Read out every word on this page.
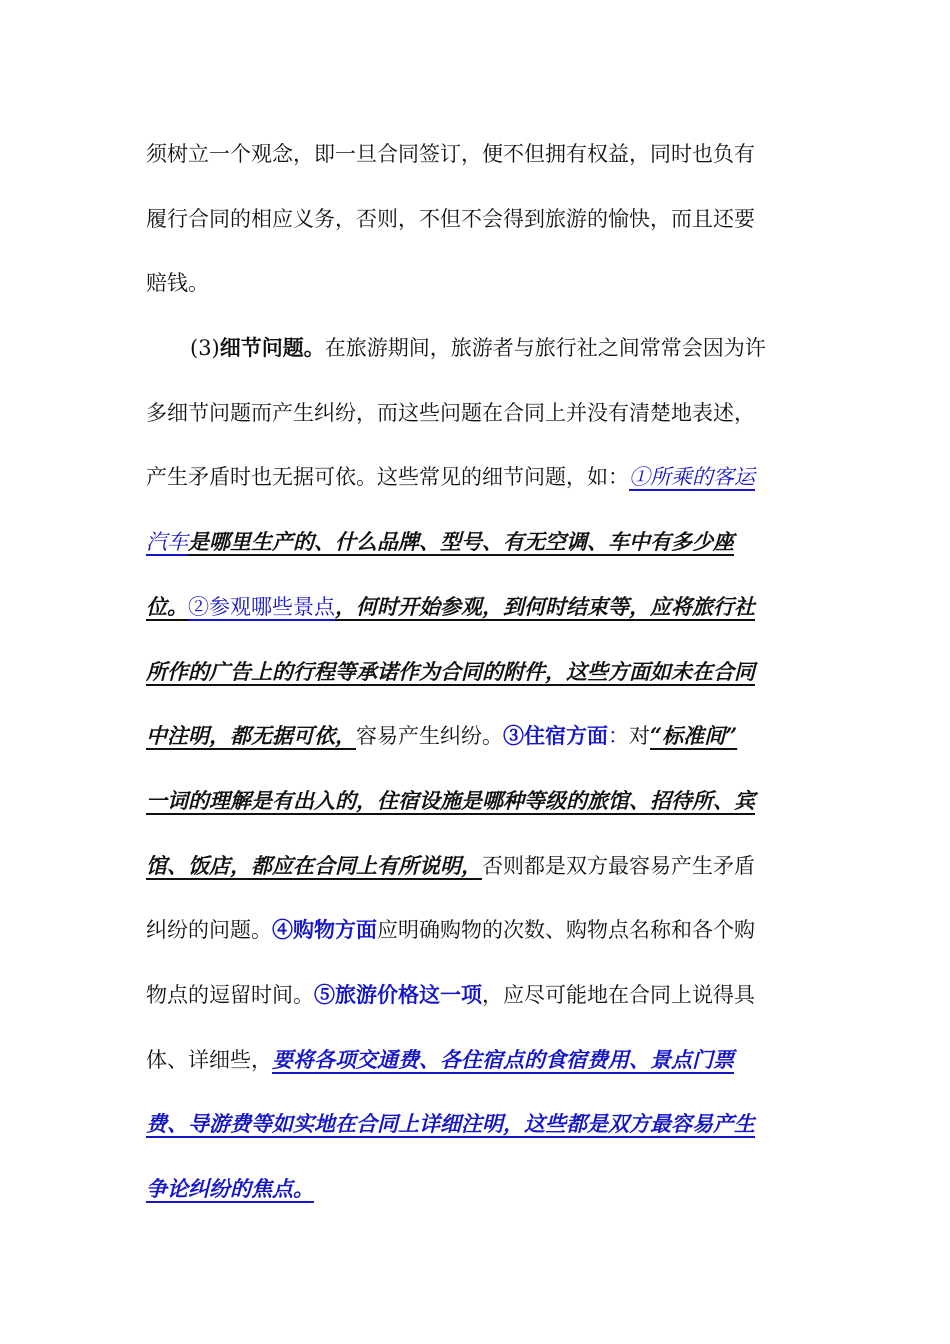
须树立一个观念，即一旦合同签订，便不但拥有权益，同时也负有
履行合同的相应义务，否则，不但不会得到旅游的愉快，而且还要
赔钱。
(3)细节问题。在旅游期间，旅游者与旅行社之间常常会因为许
多细节问题而产生纠纷，而这些问题在合同上并没有清楚地表述，
产生矛盾时也无据可依。这些常见的细节问题，如：①所乘的客运
汽车是哪里生产的、什么品牌、型号、有无空调、车中有多少座
位。②参观哪些景点，何时开始参观，到何时结束等，应将旅行社
所作的广告上的行程等承诺作为合同的附件，这些方面如未在合同
中注明，都无据可依，容易产生纠纷。③住宿方面：对“标准间”
一词的理解是有出入的，住宿设施是哪种等级的旅馆、招待所、宾
馆、饭店，都应在合同上有所说明，否则都是双方最容易产生矛盾
纠纷的问题。④购物方面应明确购物的次数、购物点名称和各个购
物点的逗留时间。⑤旅游价格这一项，应尽可能地在合同上说得具
体、详细些，要将各项交通费、各住宿点的食宿费用、景点门票
费、导游费等如实地在合同上详细注明，这些都是双方最容易产生
争论纠纷的焦点。
